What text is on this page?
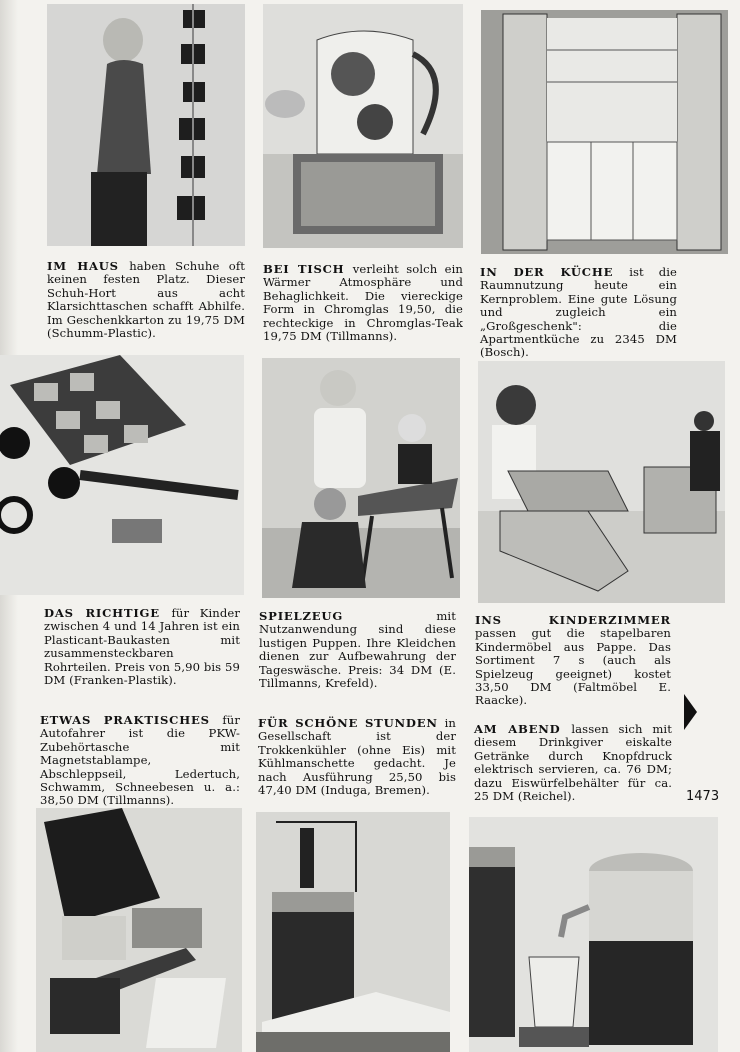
IM HAUS haben Schuhe oft keinen festen Platz. Dieser Schuh-Hort aus acht Klarsichttaschen schafft Abhilfe. Im Geschenkkarton zu 19,75 DM (Schumm-Plastic).
BEI TISCH verleiht solch ein Wärmer Atmosphäre und Behaglichkeit. Die viereckige Form in Chromglas 19,50, die rechteckige in Chromglas-Teak 19,75 DM (Tillmanns).
IN DER KÜCHE ist die Raumnutzung heute ein Kernproblem. Eine gute Lösung und zugleich ein „Großgeschenk": die Apartmentküche zu 2345 DM (Bosch).
DAS RICHTIGE für Kinder zwischen 4 und 14 Jahren ist ein Plasticant-Baukasten mit zusammensteckbaren Rohrteilen. Preis von 5,90 bis 59 DM (Franken-Plastik).
SPIELZEUG mit Nutzanwendung sind diese lustigen Puppen. Ihre Kleidchen dienen zur Aufbewahrung der Tageswäsche. Preis: 34 DM (E. Tillmanns, Krefeld).
INS KINDERZIMMER passen gut die stapelbaren Kindermöbel aus Pappe. Das Sortiment 7 s (auch als Spielzeug geeignet) kostet 33,50 DM (Faltmöbel E. Raacke).
ETWAS PRAKTISCHES für Autofahrer ist die PKW-Zubehörtasche mit Magnetstablampe, Abschleppseil, Ledertuch, Schwamm, Schneebesen u. a.: 38,50 DM (Tillmanns).
FÜR SCHÖNE STUNDEN in Gesellschaft ist der Trokkenkühler (ohne Eis) mit Kühlmanschette gedacht. Je nach Ausführung 25,50 bis 47,40 DM (Induga, Bremen).
AM ABEND lassen sich mit diesem Drinkgiver eiskalte Getränke durch Knopfdruck elektrisch servieren, ca. 76 DM; dazu Eiswürfelbehälter für ca. 25 DM (Reichel).	1473
